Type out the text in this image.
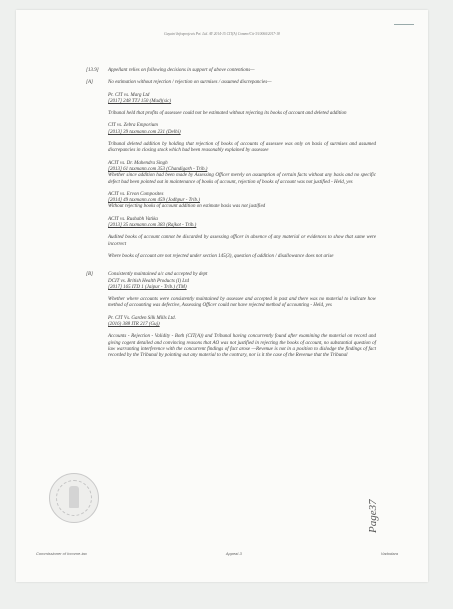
Gayatri Infraprojects Pvt. Ltd. AY 2014-15 CIT(A) Commr/Cit-3/10060/2017-18
[13.9]	Appellant relies on following decisions in support of above contentions—
[A]	No estimation without rejection / rejection on surmises / assumed discrepancies—

Pr. CIT vs. Marg Ltd

[2017] 248 TTJ 150 (Mad)(sic)

Tribunal held that profits of assessee could not be estimated without rejecting its books of account and deleted addition

CIT vs. Zebra Emporium

[2013] 39 taxmann.com 231 (Delhi)

Tribunal deleted addition by holding that rejection of books of accounts of assessee was only on basis of surmises and assumed discrepancies in closing stock which had been reasonably explained by assessee

ACIT vs. Dr. Mahendra Singh

[2013] 61 taxmann.com 353 (Chandigarh - Trib.)

Whether since addition had been made by Assessing Officer merely on assumption of certain facts without any basis and no specific defect had been pointed out in maintenance of books of account, rejection of books of account was not justified - Held, yes

ACIT vs. Ervon Composites

[2014] 49 taxmann.com 459 (Jodhpur - Trib.)

Without rejecting books of account addition on estimate basis was not justified

ACIT vs. Rushabh Vatika

[2013] 35 taxmann.com 383 (Rajkot - Trib.)

Audited books of account cannot be discarded by assessing officer in absence of any material or evidences to show that same were incorrect

Where books of account are not rejected under section 145(3), question of addition / disallowance does not arise

[B]	Consistently maintained a/c and accepted by dept

DCIT vs. British Health Products (I) Ltd

[2017] 165 ITD 1 (Jaipur - Trib.) (TM)

Whether where accounts were consistently maintained by assessee and accepted in past and there was no material to indicate how method of accounting was defective, Assessing Officer could not have rejected method of accounting - Held, yes

Pr. CIT Vs. Garden Silk Mills Ltd.

(2016) 388 ITR 217 (Guj)

Accounts - Rejection - Validity - Both (CIT(A)) and Tribunal having concurrently found after examining the material on record and giving cogent detailed and convincing reasons that AO was not justified in rejecting the books of account, no substantial question of law warranting interference with the concurrent findings of fact arose —Revenue is not in a position to dislodge the findings of fact recorded by the Tribunal by pointing out any material to the contrary, nor is it the case of the Revenue that the Tribunal

Page37
Commissioner of Income-tax	Appeal-3	Vadodara
